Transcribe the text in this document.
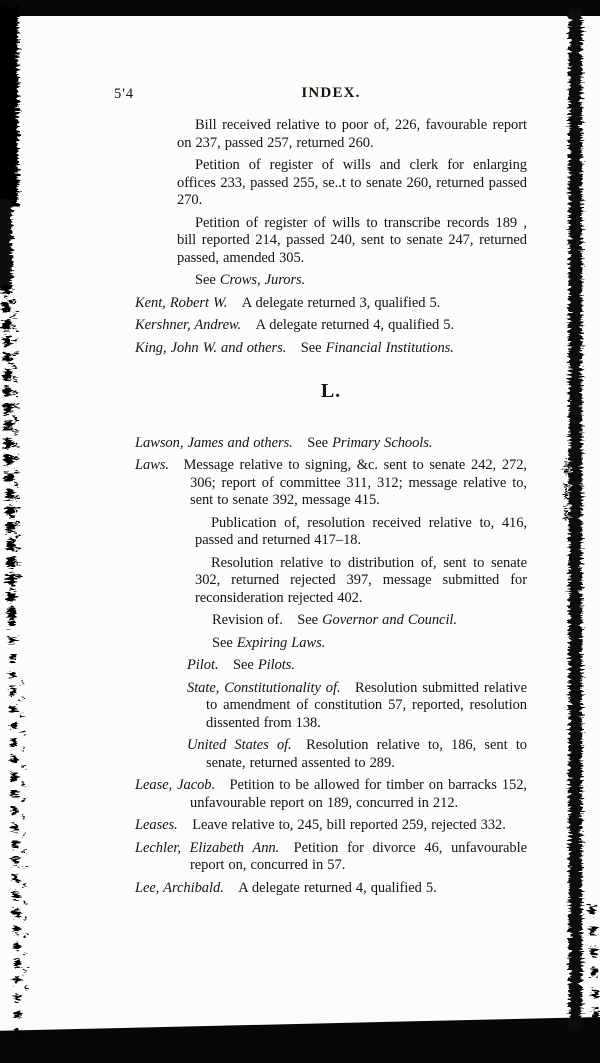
5'4	INDEX.
Bill received relative to poor of, 226, favourable report on 237, passed 257, returned 260.
Petition of register of wills and clerk for enlarging offices 233, passed 255, se..t to senate 260, returned passed 270.
Petition of register of wills to transcribe records 189 , bill reported 214, passed 240, sent to senate 247, returned passed, amended 305.
See Crows, Jurors.
Kent, Robert W. A delegate returned 3, qualified 5.
Kershner, Andrew. A delegate returned 4, qualified 5.
King, John W. and others. See Financial Institutions.
L.
Lawson, James and others. See Primary Schools.
Laws. Message relative to signing, &c. sent to senate 242, 272, 306; report of committee 311, 312; message relative to, sent to senate 392, message 415.
Publication of, resolution received relative to, 416, passed and returned 417–18.
Resolution relative to distribution of, sent to senate 302, returned rejected 397, message submitted for reconsideration rejected 402.
Revision of. See Governor and Council.
See Expiring Laws.
Pilot. See Pilots.
State, Constitutionality of. Resolution submitted relative to amendment of constitution 57, reported, resolution dissented from 138.
United States of. Resolution relative to, 186, sent to senate, returned assented to 289.
Lease, Jacob. Petition to be allowed for timber on barracks 152, unfavourable report on 189, concurred in 212.
Leases. Leave relative to, 245, bill reported 259, rejected 332.
Lechler, Elizabeth Ann. Petition for divorce 46, unfavourable report on, concurred in 57.
Lee, Archibald. A delegate returned 4, qualified 5.
